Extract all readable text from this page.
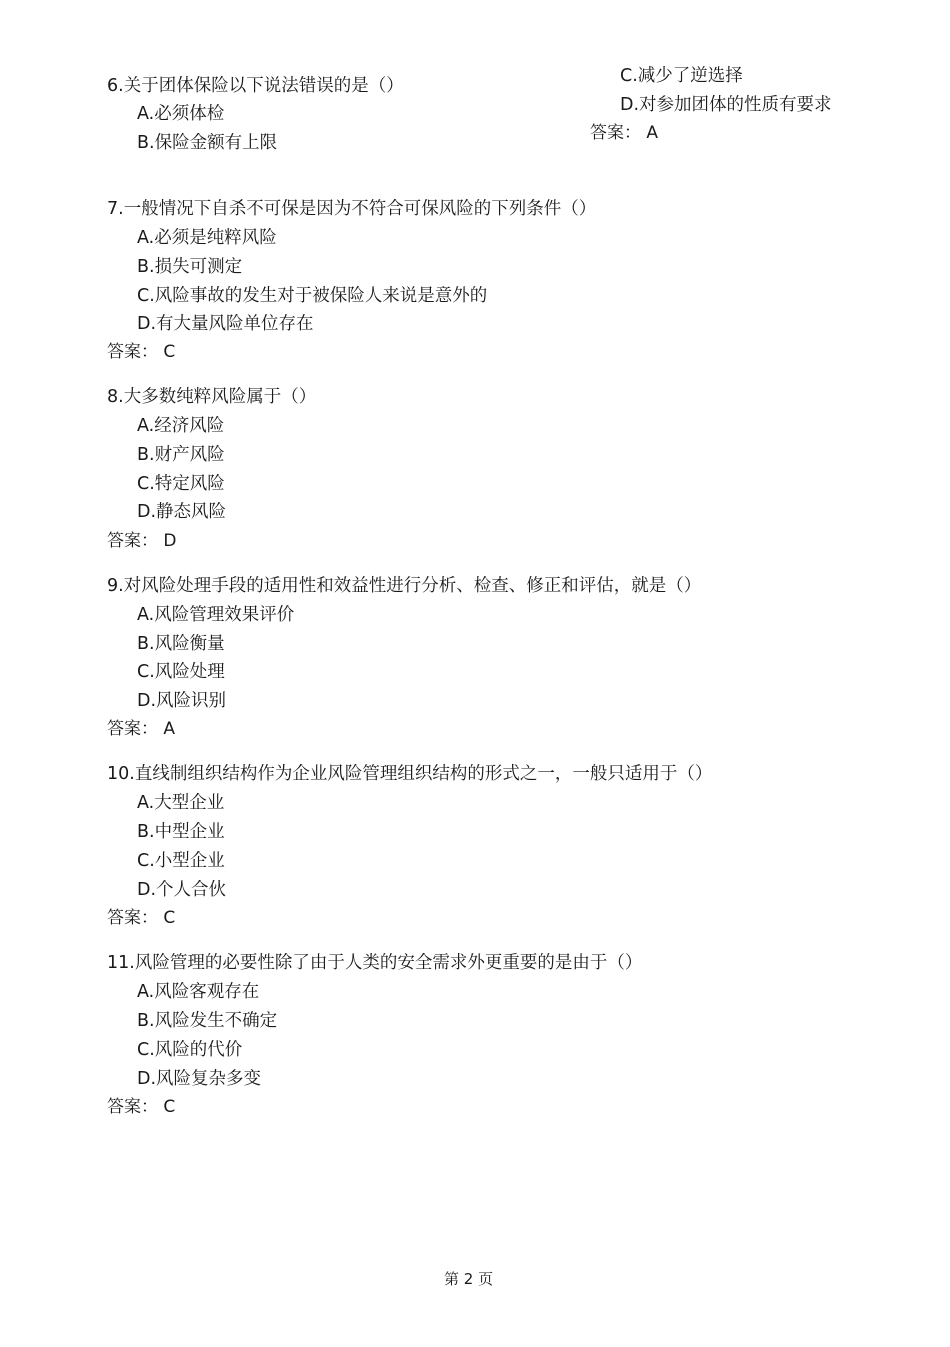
6.关于团体保险以下说法错误的是（）
A.必须体检
B.保险金额有上限
C.减少了逆选择
D.对参加团体的性质有要求
答案： A
7.一般情况下自杀不可保是因为不符合可保风险的下列条件（）
A.必须是纯粹风险
B.损失可测定
C.风险事故的发生对于被保险人来说是意外的
D.有大量风险单位存在
答案： C
8.大多数纯粹风险属于（）
A.经济风险
B.财产风险
C.特定风险
D.静态风险
答案： D
9.对风险处理手段的适用性和效益性进行分析、检查、修正和评估，就是（）
A.风险管理效果评价
B.风险衡量
C.风险处理
D.风险识别
答案： A
10.直线制组织结构作为企业风险管理组织结构的形式之一，一般只适用于（）
A.大型企业
B.中型企业
C.小型企业
D.个人合伙
答案： C
11.风险管理的必要性除了由于人类的安全需求外更重要的是由于（）
A.风险客观存在
B.风险发生不确定
C.风险的代价
D.风险复杂多变
答案： C
第 2 页
